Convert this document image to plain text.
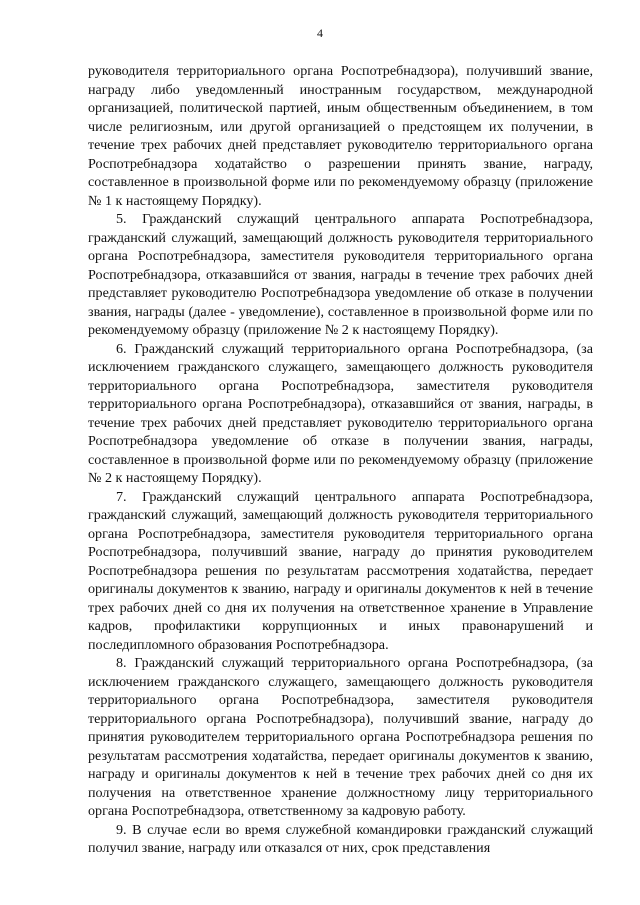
4

руководителя территориального органа Роспотребнадзора), получивший звание, награду либо уведомленный иностранным государством, международной организацией, политической партией, иным общественным объединением, в том числе религиозным, или другой организацией о предстоящем их получении, в течение трех рабочих дней представляет руководителю территориального органа Роспотребнадзора ходатайство о разрешении принять звание, награду, составленное в произвольной форме или по рекомендуемому образцу (приложение № 1 к настоящему Порядку).

5. Гражданский служащий центрального аппарата Роспотребнадзора, гражданский служащий, замещающий должность руководителя территориального органа Роспотребнадзора, заместителя руководителя территориального органа Роспотребнадзора, отказавшийся от звания, награды в течение трех рабочих дней представляет руководителю Роспотребнадзора уведомление об отказе в получении звания, награды (далее - уведомление), составленное в произвольной форме или по рекомендуемому образцу (приложение № 2 к настоящему Порядку).

6. Гражданский служащий территориального органа Роспотребнадзора, (за исключением гражданского служащего, замещающего должность руководителя территориального органа Роспотребнадзора, заместителя руководителя территориального органа Роспотребнадзора), отказавшийся от звания, награды, в течение трех рабочих дней представляет руководителю территориального органа Роспотребнадзора уведомление об отказе в получении звания, награды, составленное в произвольной форме или по рекомендуемому образцу (приложение № 2 к настоящему Порядку).

7. Гражданский служащий центрального аппарата Роспотребнадзора, гражданский служащий, замещающий должность руководителя территориального органа Роспотребнадзора, заместителя руководителя территориального органа Роспотребнадзора, получивший звание, награду до принятия руководителем Роспотребнадзора решения по результатам рассмотрения ходатайства, передает оригиналы документов к званию, награду и оригиналы документов к ней в течение трех рабочих дней со дня их получения на ответственное хранение в Управление кадров, профилактики коррупционных и иных правонарушений и последипломного образования Роспотребнадзора.

8. Гражданский служащий территориального органа Роспотребнадзора, (за исключением гражданского служащего, замещающего должность руководителя территориального органа Роспотребнадзора, заместителя руководителя территориального органа Роспотребнадзора), получивший звание, награду до принятия руководителем территориального органа Роспотребнадзора решения по результатам рассмотрения ходатайства, передает оригиналы документов к званию, награду и оригиналы документов к ней в течение трех рабочих дней со дня их получения на ответственное хранение должностному лицу территориального органа Роспотребнадзора, ответственному за кадровую работу.

9. В случае если во время служебной командировки гражданский служащий получил звание, награду или отказался от них, срок представления
